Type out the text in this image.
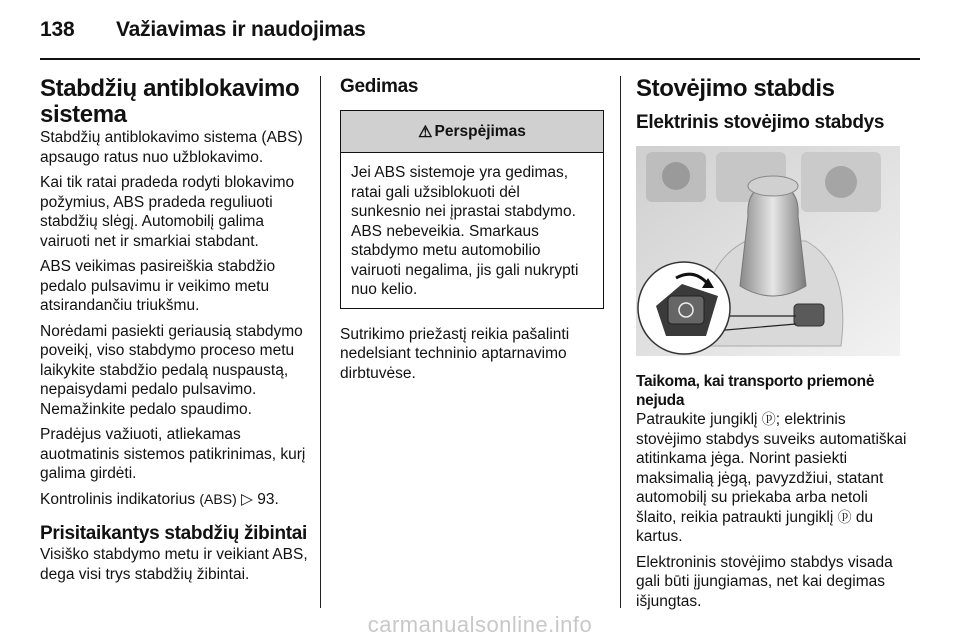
138 Važiavimas ir naudojimas
Stabdžių antiblokavimo sistema
Stabdžių antiblokavimo sistema (ABS) apsaugo ratus nuo užblokavimo.
Kai tik ratai pradeda rodyti blokavimo požymius, ABS pradeda reguliuoti stabdžių slėgį. Automobilį galima vairuoti net ir smarkiai stabdant.
ABS veikimas pasireiškia stabdžio pedalo pulsavimu ir veikimo metu atsirandančiu triukšmu.
Norėdami pasiekti geriausią stabdymo poveikį, viso stabdymo proceso metu laikykite stabdžio pedalą nuspaustą, nepaisydami pedalo pulsavimo. Nemažinkite pedalo spaudimo.
Pradėjus važiuoti, atliekamas auotmatinis sistemos patikrinimas, kurį galima girdėti.
Kontrolinis indikatorius (ABS) ▷ 93.
Prisitaikantys stabdžių žibintai
Visiško stabdymo metu ir veikiant ABS, dega visi trys stabdžių žibintai.
Gedimas
⚠ Perspėjimas
Jei ABS sistemoje yra gedimas, ratai gali užsiblokuoti dėl sunkesnio nei įprastai stabdymo. ABS nebeveikia. Smarkaus stabdymo metu automobilio vairuoti negalima, jis gali nukrypti nuo kelio.
Sutrikimo priežastį reikia pašalinti nedelsiant techninio aptarnavimo dirbtuvėse.
Stovėjimo stabdis
Elektrinis stovėjimo stabdys
Taikoma, kai transporto priemonė nejuda
Patraukite jungiklį ⓟ; elektrinis stovėjimo stabdys suveiks automatiškai atitinkama jėga. Norint pasiekti maksimalią jėgą, pavyzdžiui, statant automobilį su priekaba arba netoli šlaito, reikia patraukti jungiklį ⓟ du kartus.
Elektroninis stovėjimo stabdys visada gali būti įjungiamas, net kai degimas išjungtas.
carmanualsonline.info
